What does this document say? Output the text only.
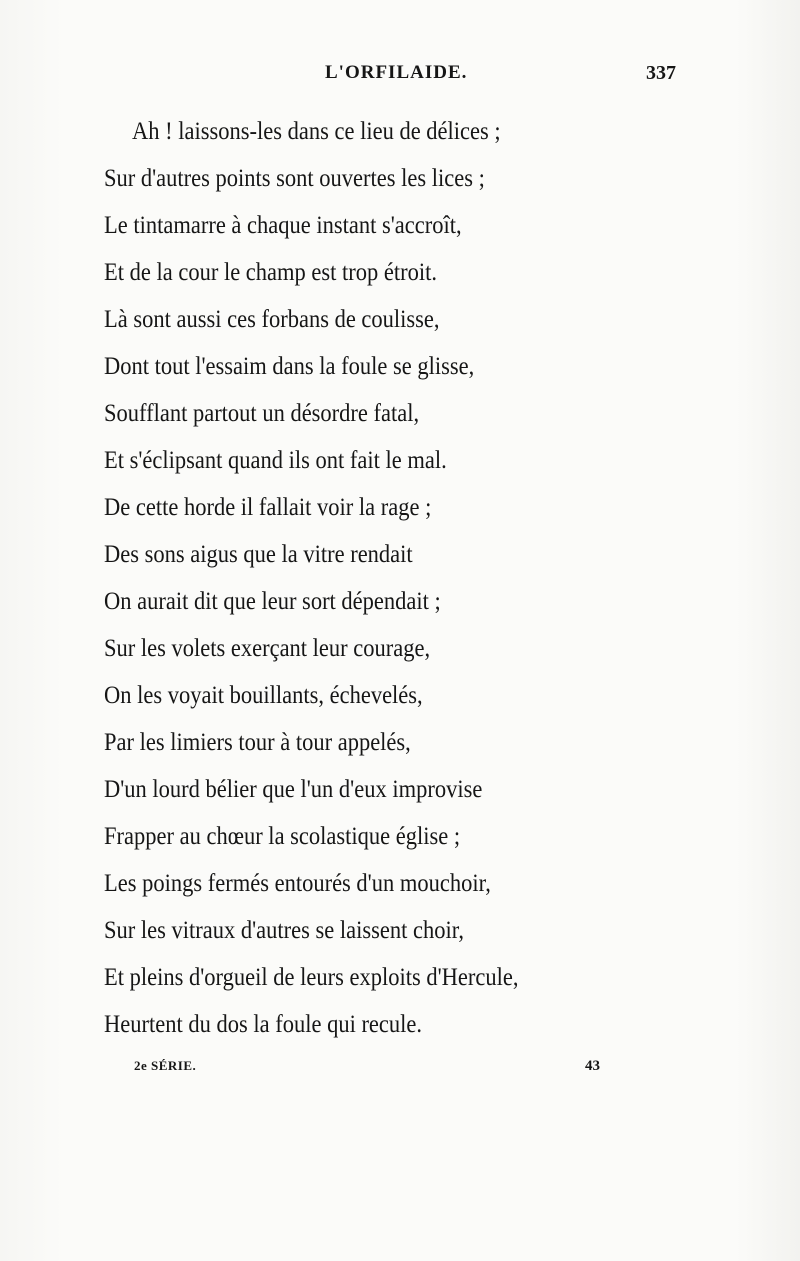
L'ORFILAIDE.	337
Ah ! laissons-les dans ce lieu de délices ;
Sur d'autres points sont ouvertes les lices ;
Le tintamarre à chaque instant s'accroît,
Et de la cour le champ est trop étroit.
Là sont aussi ces forbans de coulisse,
Dont tout l'essaim dans la foule se glisse,
Soufflant partout un désordre fatal,
Et s'éclipsant quand ils ont fait le mal.
De cette horde il fallait voir la rage ;
Des sons aigus que la vitre rendait
On aurait dit que leur sort dépendait ;
Sur les volets exerçant leur courage,
On les voyait bouillants, échevelés,
Par les limiers tour à tour appelés,
D'un lourd bélier que l'un d'eux improvise
Frapper au chœur la scolastique église ;
Les poings fermés entourés d'un mouchoir,
Sur les vitraux d'autres se laissent choir,
Et pleins d'orgueil de leurs exploits d'Hercule,
Heurtent du dos la foule qui recule.
2e SÉRIE.	43
